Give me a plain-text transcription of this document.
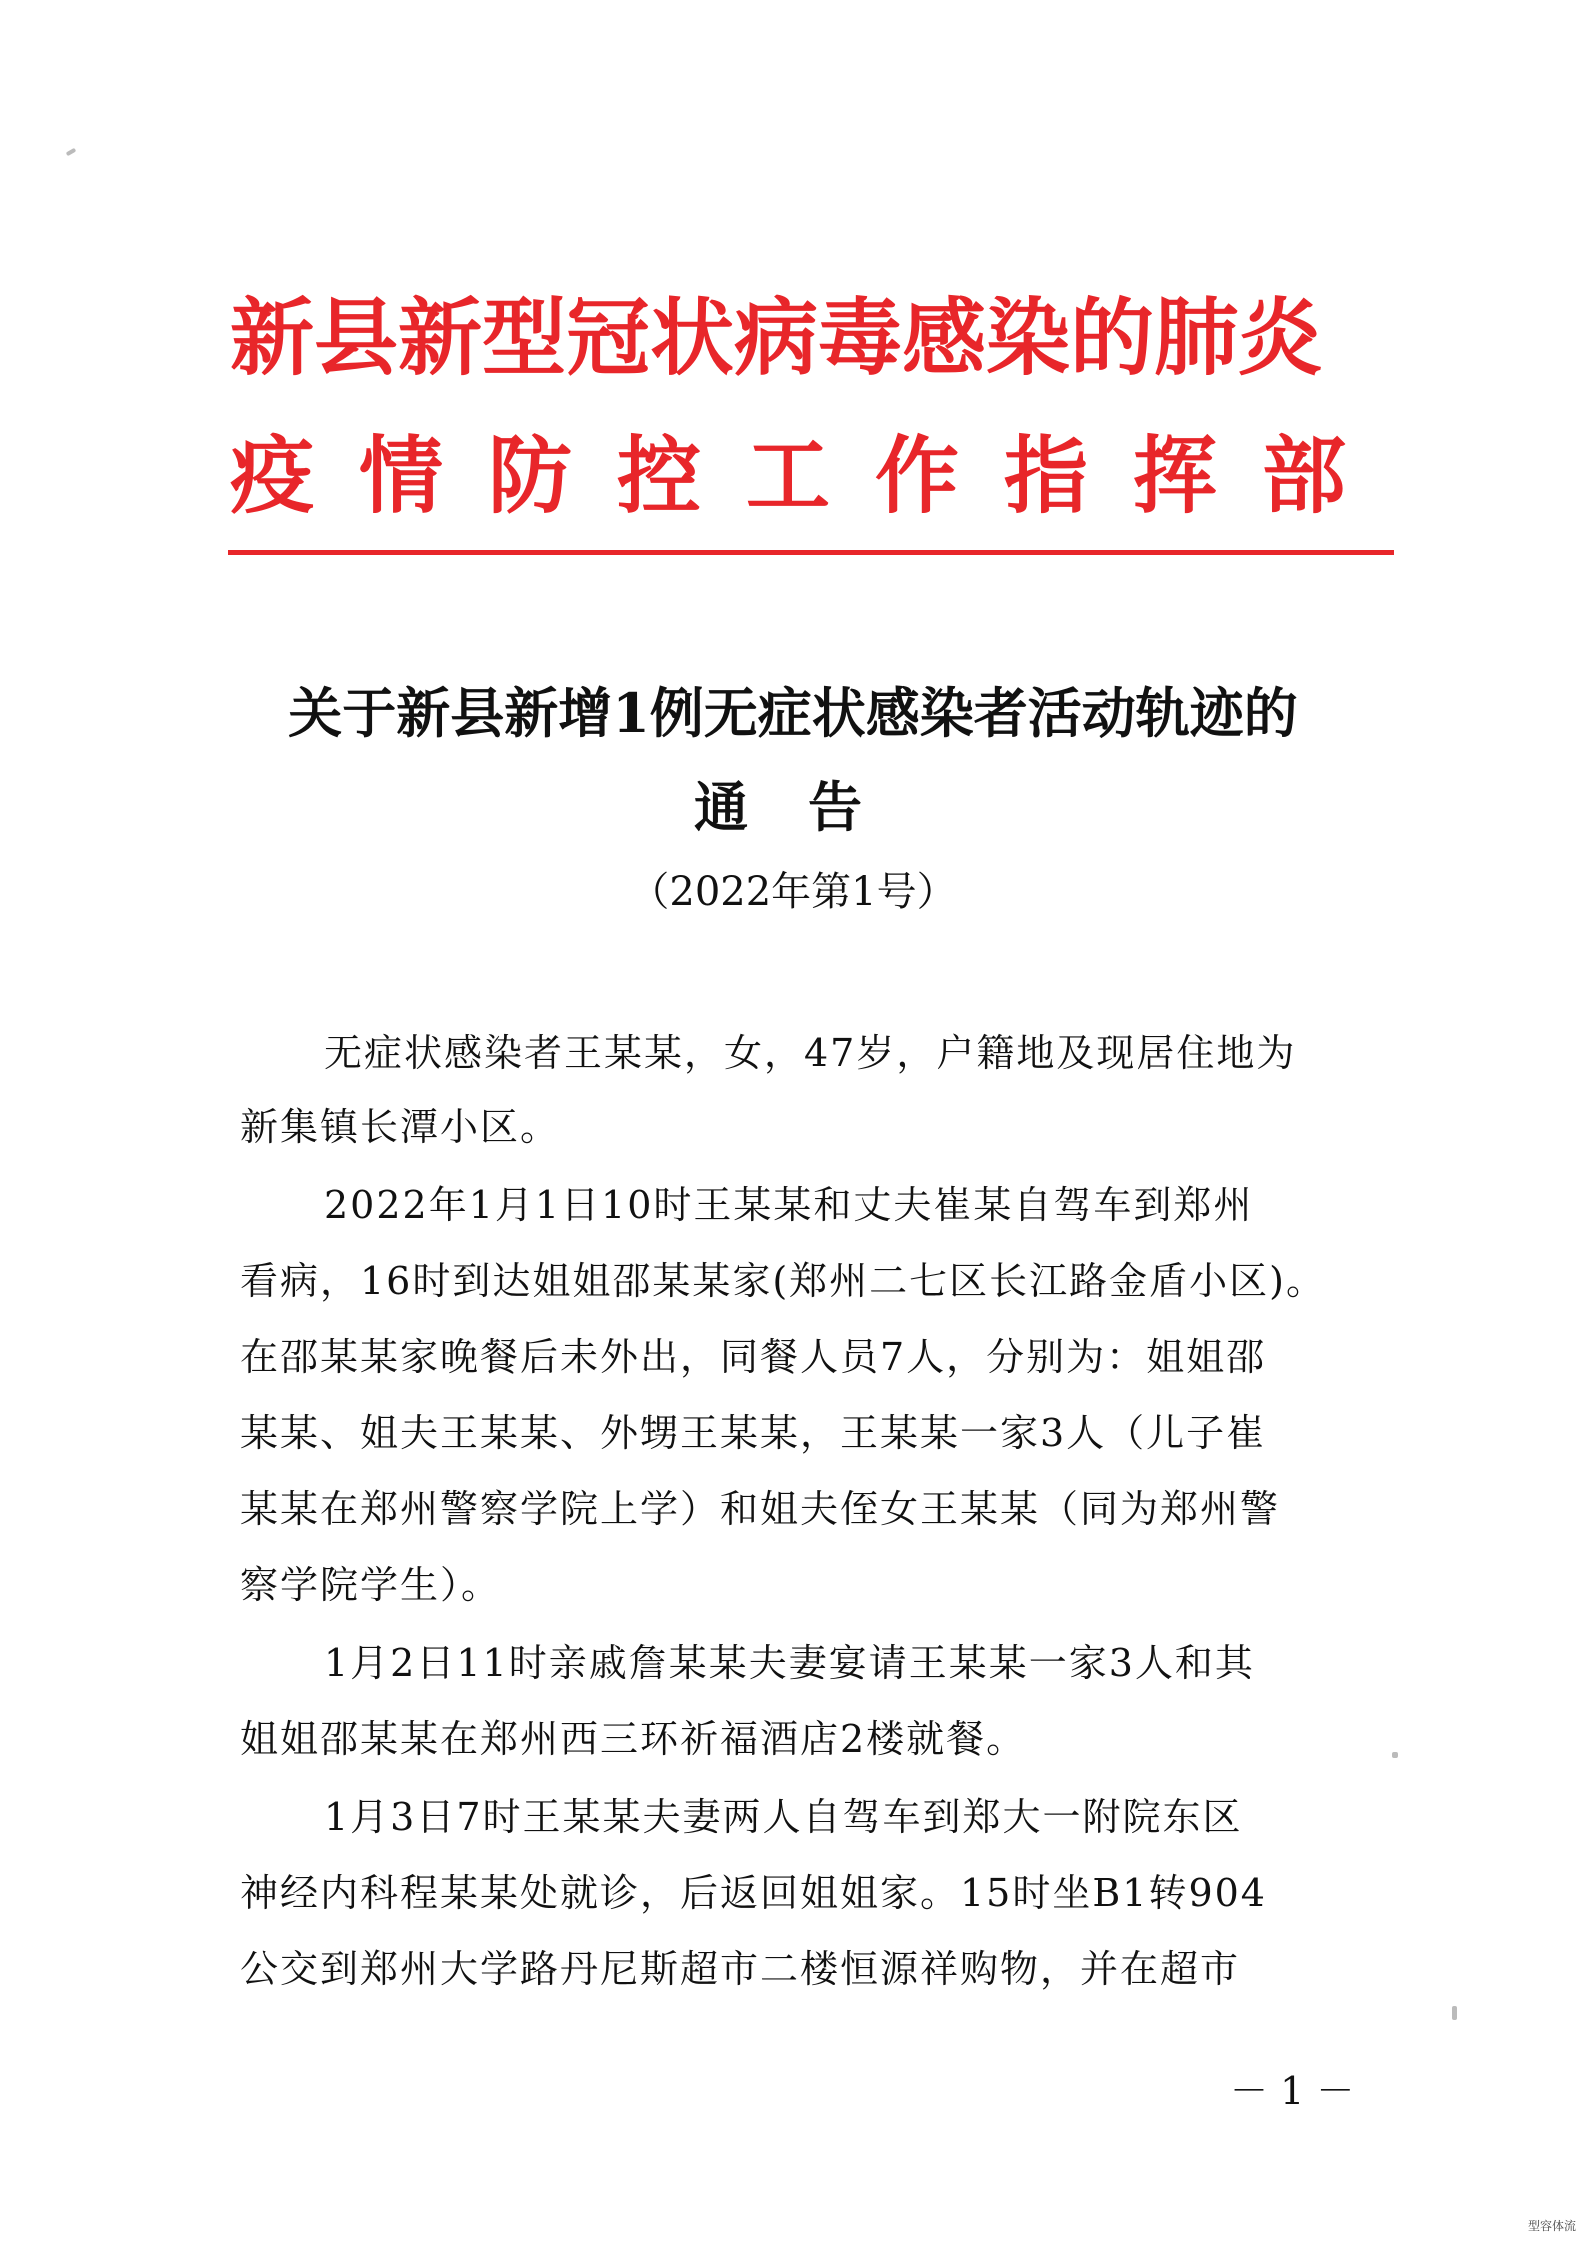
新县新型冠状病毒感染的肺炎
疫情防控工作指挥部
关于新县新增1例无症状感染者活动轨迹的
通告
（2022年第1号）
无症状感染者王某某，女，47岁，户籍地及现居住地为
新集镇长潭小区。
2022年1月1日10时王某某和丈夫崔某自驾车到郑州
看病，16时到达姐姐邵某某家(郑州二七区长江路金盾小区)。
在邵某某家晚餐后未外出，同餐人员7人，分别为：姐姐邵
某某、姐夫王某某、外甥王某某，王某某一家3人（儿子崔
某某在郑州警察学院上学）和姐夫侄女王某某（同为郑州警
察学院学生）。
1月2日11时亲戚詹某某夫妻宴请王某某一家3人和其
姐姐邵某某在郑州西三环祈福酒店2楼就餐。
1月3日7时王某某夫妻两人自驾车到郑大一附院东区
神经内科程某某处就诊，后返回姐姐家。15时坐B1转904
公交到郑州大学路丹尼斯超市二楼恒源祥购物，并在超市
－ 1 －
型容体流
